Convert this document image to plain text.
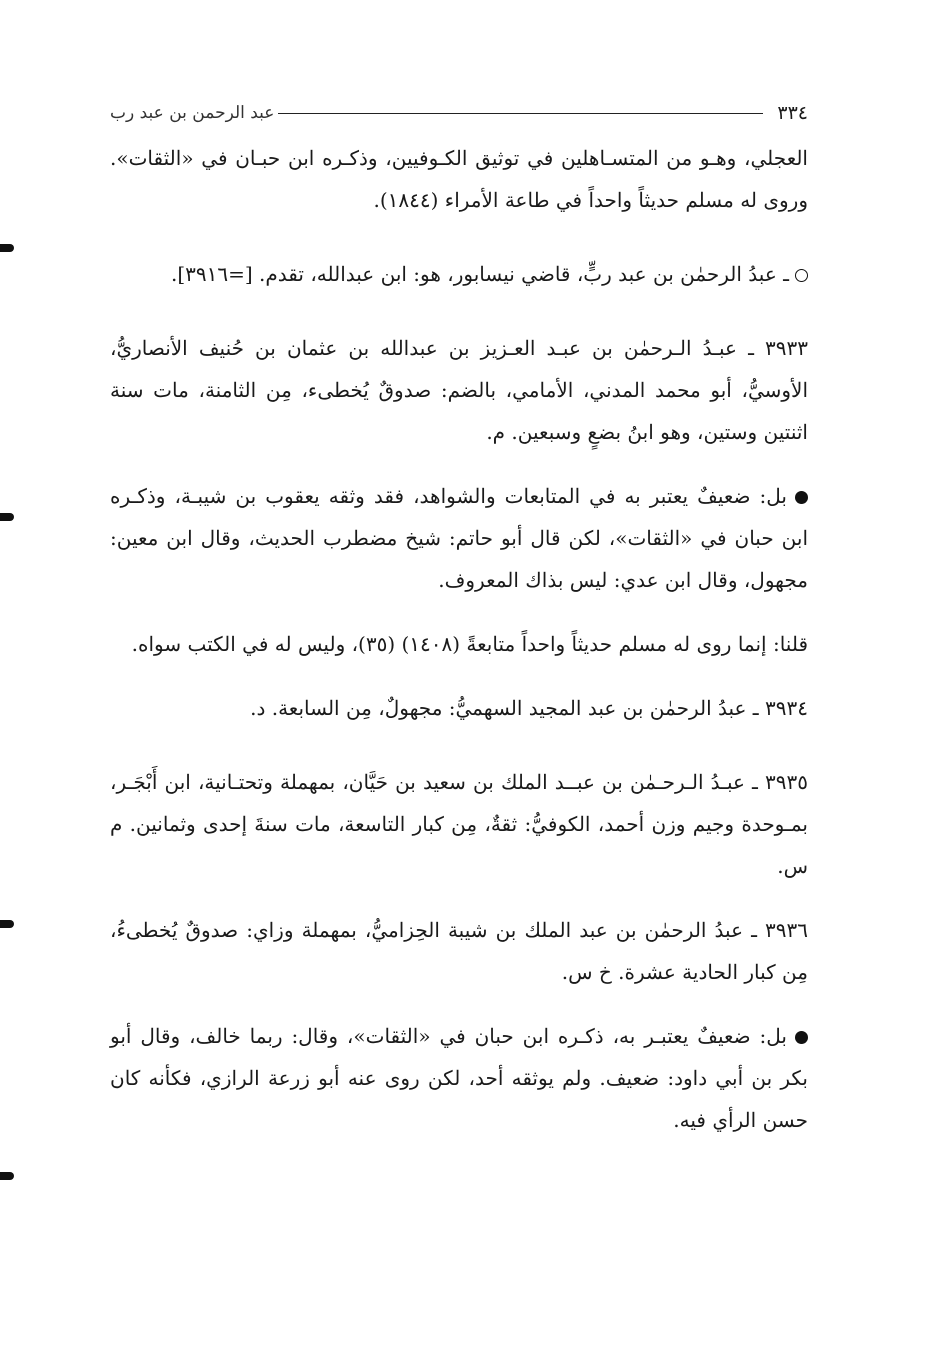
٣٣٤
عبد الرحمن بن عبد رب

العجلي، وهـو من المتسـاهلين في توثيق الكـوفيين، وذكـره ابن حبـان في «الثقات». وروى له مسلم حديثاً واحداً في طاعة الأمراء (١٨٤٤).

ـ عبدُ الرحمٰن بن عبد ربٍّ، قاضي نيسابور، هو: ابن عبدالله، تقدم. [=٣٩١٦].

٣٩٣٣ ـ عبـدُ الـرحمٰن بن عبـد العـزيز بن عبدالله بن عثمان بن حُنيف الأنصاريُّ، الأوسيُّ، أبو محمد المدني، الأمامي، بالضم: صدوقٌ يُخطىء، مِن الثامنة، مات سنة اثنتين وستين، وهو ابنُ بضعٍ وسبعين. م.

بل: ضعيفٌ يعتبر به في المتابعات والشواهد، فقد وثقه يعقوب بن شيبـة، وذكـره ابن حبان في «الثقات»، لكن قال أبو حاتم: شيخ مضطرب الحديث، وقال ابن معين: مجهول، وقال ابن عدي: ليس بذاك المعروف.

قلنا: إنما روى له مسلم حديثاً واحداً متابعةً (١٤٠٨) (٣٥)، وليس له في الكتب سواه.

٣٩٣٤ ـ عبدُ الرحمٰن بن عبد المجيد السهميُّ: مجهولٌ، مِن السابعة. د.

٣٩٣٥ ـ عبـدُ الـرحـمٰن بن عبــد الملك بن سعيد بن حَيَّان، بمهملة وتحتـانية، ابن أَبْجَـر، بمـوحدة وجيم وزن أحمد، الكوفيُّ: ثقةٌ، مِن كبار التاسعة، مات سنةَ إحدى وثمانين. م س.

٣٩٣٦ ـ عبدُ الرحمٰن بن عبد الملك بن شيبة الحِزاميُّ، بمهملة وزاي: صدوقٌ يُخطىءُ، مِن كبار الحادية عشرة. خ س.

بل: ضعيفٌ يعتبـر به، ذكـره ابن حبان في «الثقات»، وقال: ربما خالف، وقال أبو بكر بن أبي داود: ضعيف. ولم يوثقه أحد، لكن روى عنه أبو زرعة الرازي، فكأنه كان حسن الرأي فيه.
